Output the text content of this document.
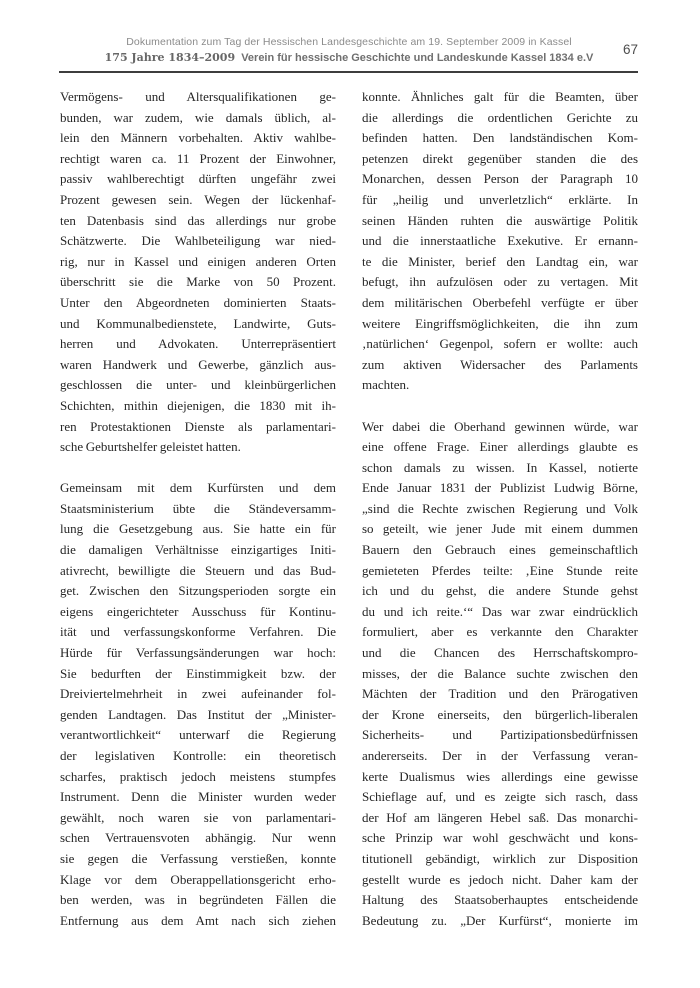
Dokumentation zum Tag der Hessischen Landesgeschichte am 19. September 2009 in Kassel
175 Jahre 1834–2009 Verein für hessische Geschichte und Landeskunde Kassel 1834 e.V
67
Vermögens- und Altersqualifikationen ge-
bunden, war zudem, wie damals üblich, al-
lein den Männern vorbehalten. Aktiv wahlbe-
rechtigt waren ca. 11 Prozent der Einwohner,
passiv wahlberechtigt dürften ungefähr zwei
Prozent gewesen sein. Wegen der lückenhaf-
ten Datenbasis sind das allerdings nur grobe
Schätzwerte. Die Wahlbeteiligung war nied-
rig, nur in Kassel und einigen anderen Orten
überschritt sie die Marke von 50 Prozent.
Unter den Abgeordneten dominierten Staats-
und Kommunalbedienstete, Landwirte, Guts-
herren und Advokaten. Unterrepräsentiert
waren Handwerk und Gewerbe, gänzlich aus-
geschlossen die unter- und kleinbürgerlichen
Schichten, mithin diejenigen, die 1830 mit ih-
ren Protestaktionen Dienste als parlamentari-
sche Geburtshelfer geleistet hatten.
Gemeinsam mit dem Kurfürsten und dem
Staatsministerium übte die Ständeversamm-
lung die Gesetzgebung aus. Sie hatte ein für
die damaligen Verhältnisse einzigartiges Initi-
ativrecht, bewilligte die Steuern und das Bud-
get. Zwischen den Sitzungsperioden sorgte ein
eigens eingerichteter Ausschuss für Kontinu-
ität und verfassungskonforme Verfahren. Die
Hürde für Verfassungsänderungen war hoch:
Sie bedurften der Einstimmigkeit bzw. der
Dreiviertelmehrheit in zwei aufeinander fol-
genden Landtagen. Das Institut der „Minister-
verantwortlichkeit“ unterwarf die Regierung
der legislativen Kontrolle: ein theoretisch
scharfes, praktisch jedoch meistens stumpfes
Instrument. Denn die Minister wurden weder
gewählt, noch waren sie von parlamentari-
schen Vertrauensvoten abhängig. Nur wenn
sie gegen die Verfassung verstießen, konnte
Klage vor dem Oberappellationsgericht erho-
ben werden, was in begründeten Fällen die
Entfernung aus dem Amt nach sich ziehen
konnte. Ähnliches galt für die Beamten, über
die allerdings die ordentlichen Gerichte zu
befinden hatten. Den landständischen Kom-
petenzen direkt gegenüber standen die des
Monarchen, dessen Person der Paragraph 10
für „heilig und unverletzlich“ erklärte. In
seinen Händen ruhten die auswärtige Politik
und die innerstaatliche Exekutive. Er ernann-
te die Minister, berief den Landtag ein, war
befugt, ihn aufzulösen oder zu vertagen. Mit
dem militärischen Oberbefehl verfügte er über
weitere Eingriffsmöglichkeiten, die ihn zum
‚natürlichen‘ Gegenpol, sofern er wollte: auch
zum aktiven Widersacher des Parlaments
machten.
Wer dabei die Oberhand gewinnen würde, war
eine offene Frage. Einer allerdings glaubte es
schon damals zu wissen. In Kassel, notierte
Ende Januar 1831 der Publizist Ludwig Börne,
„sind die Rechte zwischen Regierung und Volk
so geteilt, wie jener Jude mit einem dummen
Bauern den Gebrauch eines gemeinschaftlich
gemieteten Pferdes teilte: ‚Eine Stunde reite
ich und du gehst, die andere Stunde gehst
du und ich reite.‘“ Das war zwar eindrücklich
formuliert, aber es verkannte den Charakter
und die Chancen des Herrschaftskompro-
misses, der die Balance suchte zwischen den
Mächten der Tradition und den Prärogativen
der Krone einerseits, den bürgerlich-liberalen
Sicherheits- und Partizipationsbedürfnissen
andererseits. Der in der Verfassung veran-
kerte Dualismus wies allerdings eine gewisse
Schieflage auf, und es zeigte sich rasch, dass
der Hof am längeren Hebel saß. Das monarchi-
sche Prinzip war wohl geschwächt und kons-
titutionell gebändigt, wirklich zur Disposition
gestellt wurde es jedoch nicht. Daher kam der
Haltung des Staatsoberhauptes entscheidende
Bedeutung zu. „Der Kurfürst“, monierte im
